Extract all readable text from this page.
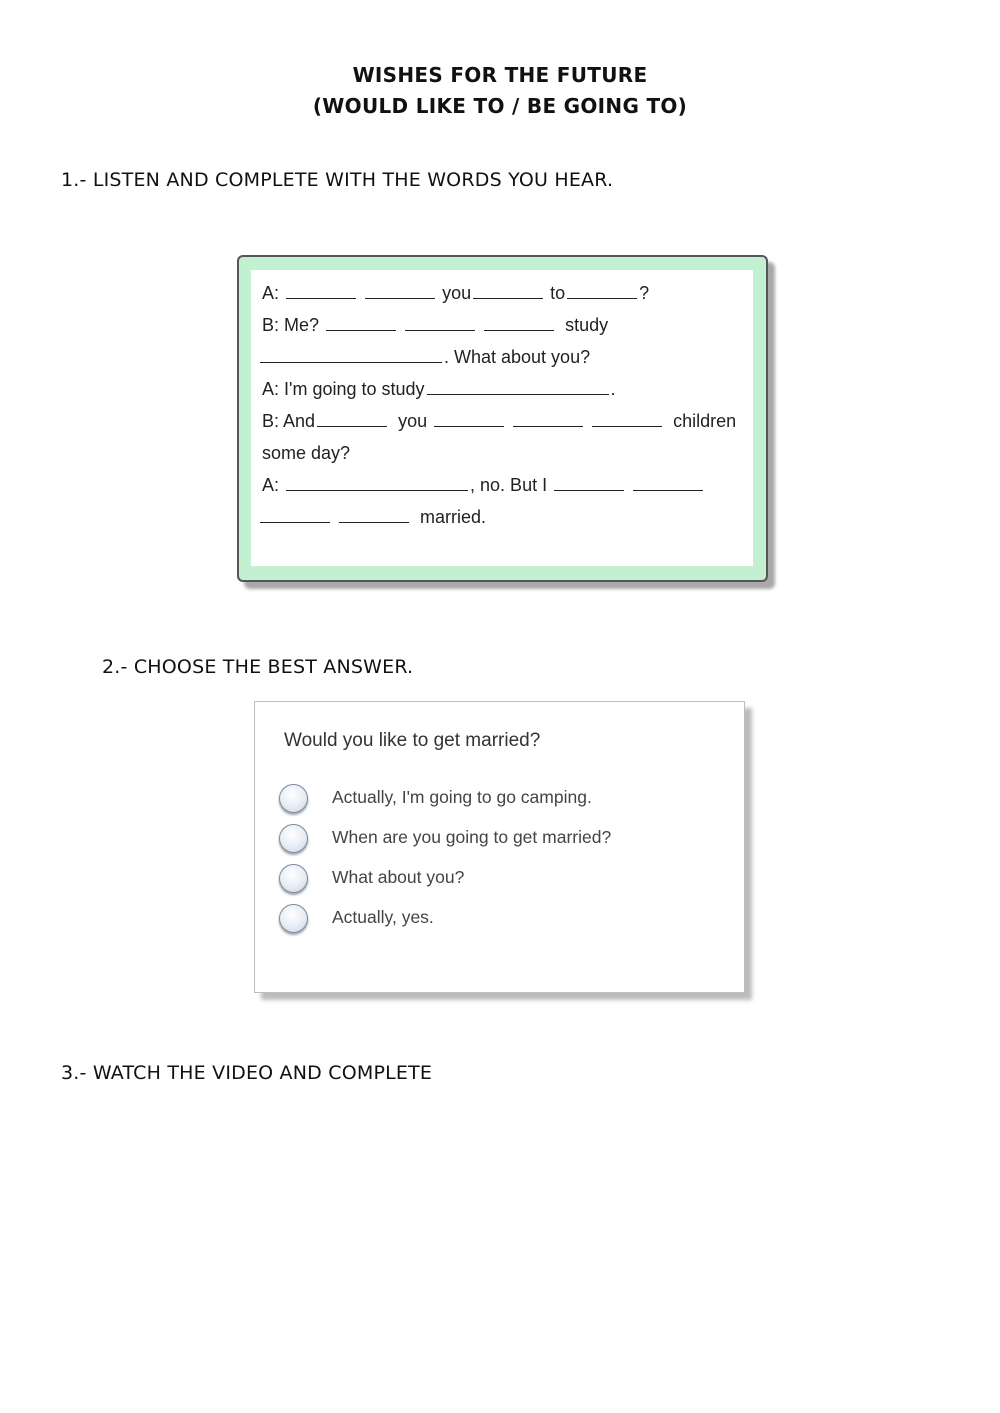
WISHES FOR THE FUTURE
(WOULD LIKE TO / BE GOING TO)
1.- LISTEN AND COMPLETE WITH THE WORDS YOU HEAR.
A:	you	to	?
B: Me?	study
. What about you?
A: I'm going to study	.
B: And	you	children
some day?
A:	, no. But I
married.
2.- CHOOSE THE BEST ANSWER.
Would you like to get married?
Actually, I'm going to go camping.
When are you going to get married?
What about you?
Actually, yes.
3.- WATCH THE VIDEO AND COMPLETE
